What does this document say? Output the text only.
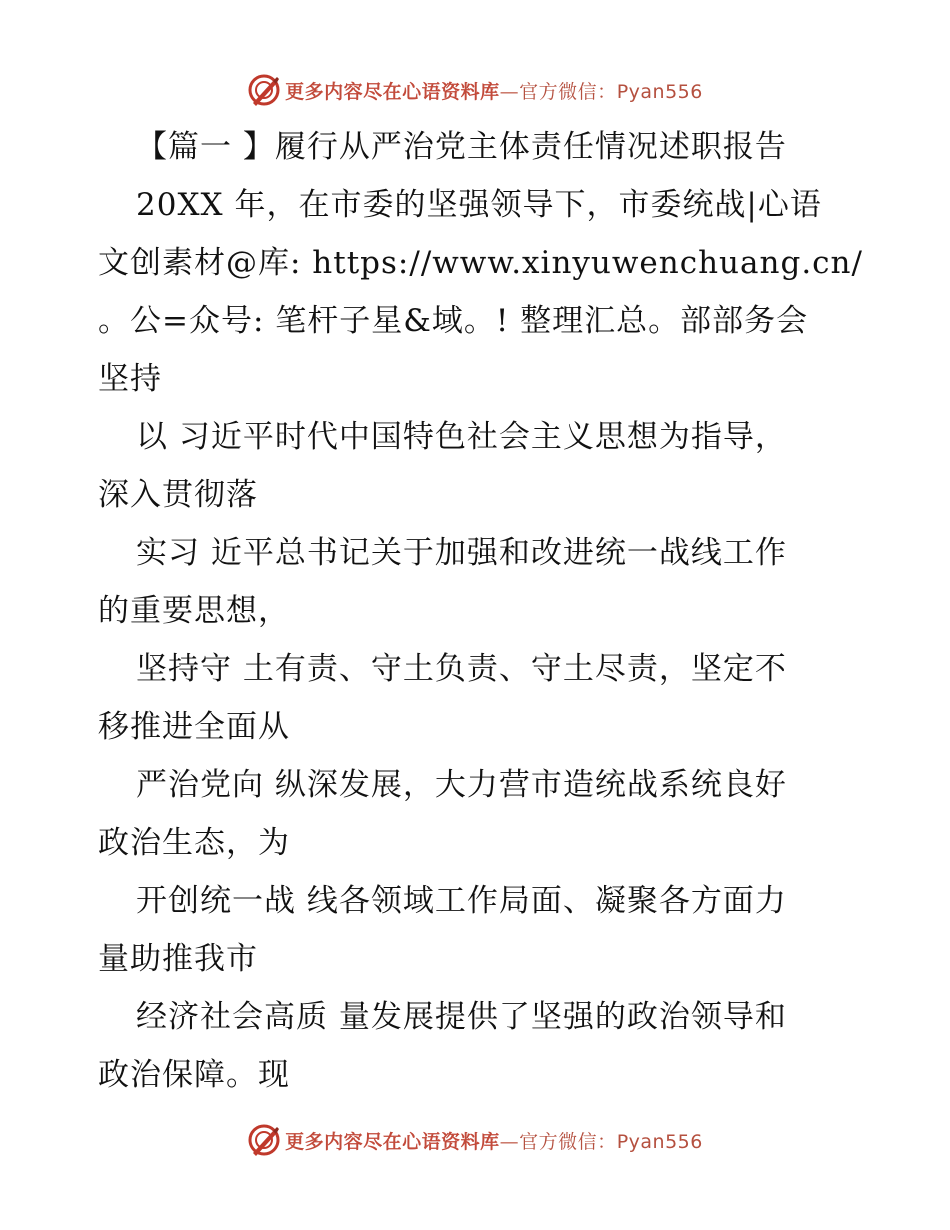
更多内容尽在心语资料库—官方微信：Pyan556
【篇一 】履行从严治党主体责任情况述职报告
20XX 年，在市委的坚强领导下，市委统战|心语
文创素材@库: https://www.xinyuwenchuang.cn/
。公=众号: 笔杆子星&域。! 整理汇总。部部务会
坚持
以 习近平时代中国特色社会主义思想为指导，
深入贯彻落
实习 近平总书记关于加强和改进统一战线工作
的重要思想，
坚持守 土有责、守土负责、守土尽责，坚定不
移推进全面从
严治党向 纵深发展，大力营市造统战系统良好
政治生态，为
开创统一战 线各领域工作局面、凝聚各方面力
量助推我市
经济社会高质 量发展提供了坚强的政治领导和
政治保障。现
更多内容尽在心语资料库—官方微信：Pyan556
